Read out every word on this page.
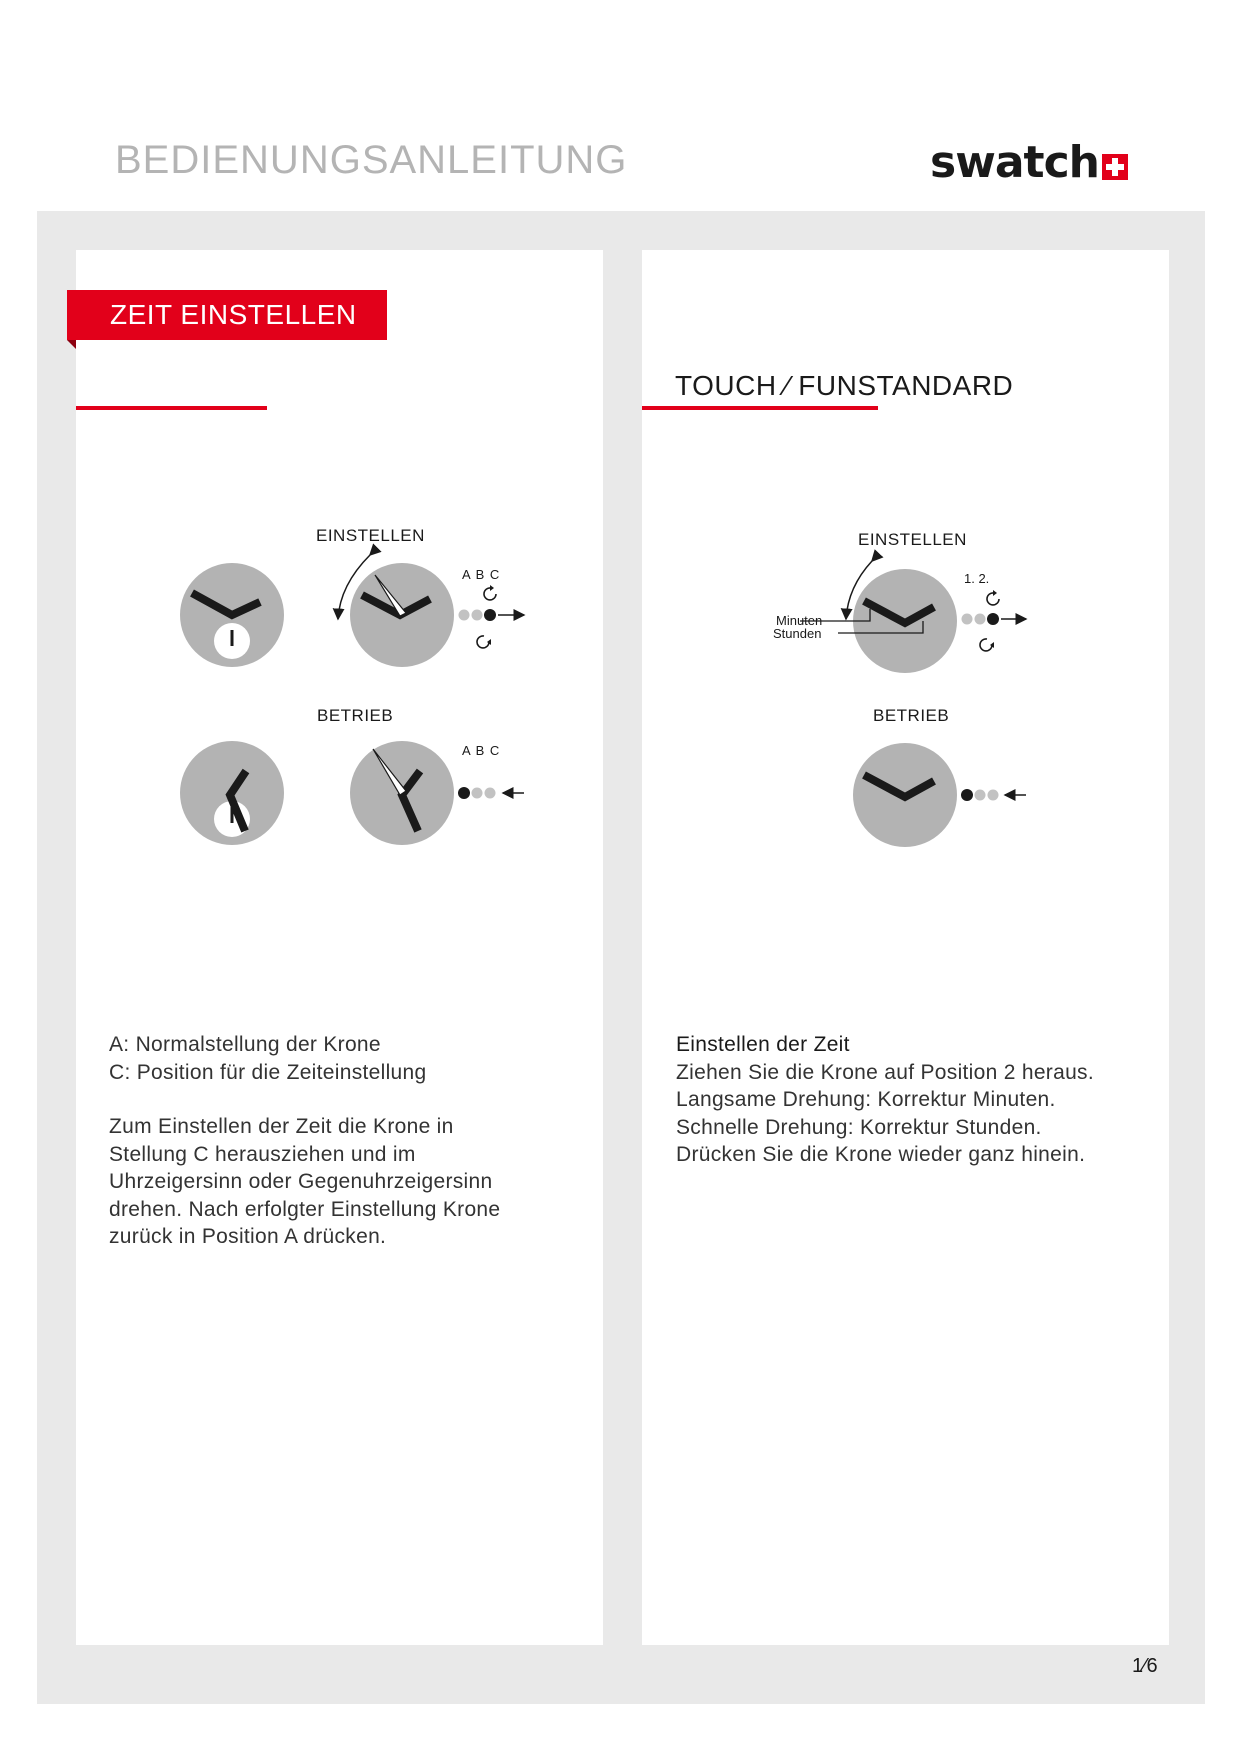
BEDIENUNGSANLEITUNG	swatch
ZEIT EINSTELLEN
TOUCH ⁄ FUNSTANDARD
EINSTELLEN
A B C
BETRIEB
A B C
EINSTELLEN
Minuten
Stunden
1. 2.
BETRIEB

A: Normalstellung der Krone

C: Position für die Zeiteinstellung

Zum Einstellen der Zeit die Krone in

Stellung C herausziehen und im

Uhrzeigersinn oder Gegenuhrzeigersinn

drehen. Nach erfolgter Einstellung Krone

zurück in Position A drücken.

Einstellen der Zeit

Ziehen Sie die Krone auf Position 2 heraus.

Langsame Drehung: Korrektur Minuten.

Schnelle Drehung: Korrektur Stunden.

Drücken Sie die Krone wieder ganz hinein.

1⁄6
